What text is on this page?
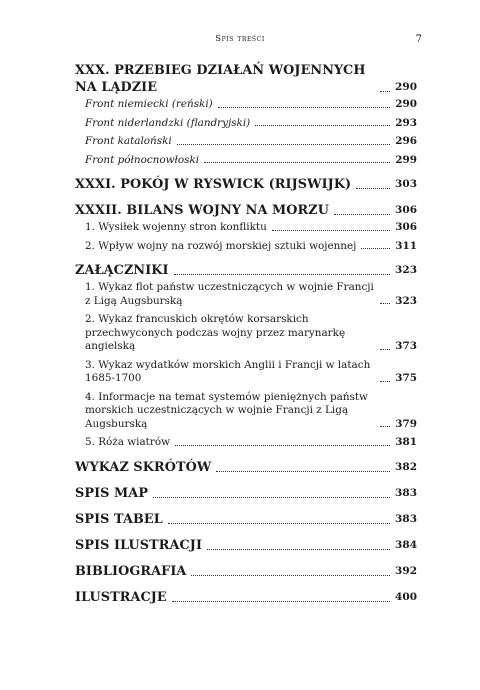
Spis treści	7
XXX. PRZEBIEG DZIAŁAŃ WOJENNYCH NA LĄDZIE	290
Front niemiecki (reński)	290
Front niderlandzki (flandryjski)	293
Front kataloński	296
Front północnowłoski	299
XXXI. POKÓJ W RYSWICK (RIJSWIJK)	303
XXXII. BILANS WOJNY NA MORZU	306
1. Wysiłek wojenny stron konfliktu	306
2. Wpływ wojny na rozwój morskiej sztuki wojennej	311
ZAŁĄCZNIKI	323
1. Wykaz flot państw uczestniczących w wojnie Francji z Ligą Augsburską	323
2. Wykaz francuskich okrętów korsarskich przechwyconych podczas wojny przez marynarkę angielską	373
3. Wykaz wydatków morskich Anglii i Francji w latach 1685-1700	375
4. Informacje na temat systemów pieniężnych państw morskich uczestniczących w wojnie Francji z Ligą Augsburską	379
5. Róża wiatrów	381
WYKAZ SKRÓTÓW	382
SPIS MAP	383
SPIS TABEL	383
SPIS ILUSTRACJI	384
BIBLIOGRAFIA	392
ILUSTRACJE	400
